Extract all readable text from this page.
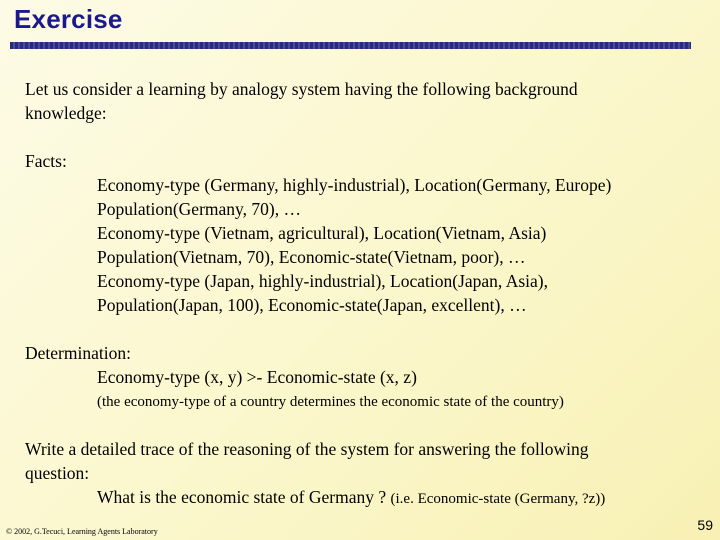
Exercise
Let us consider a learning by analogy system having the following background
knowledge:
Facts:
Economy-type (Germany, highly-industrial), Location(Germany, Europe)
Population(Germany, 70), …
Economy-type (Vietnam, agricultural), Location(Vietnam, Asia)
Population(Vietnam, 70), Economic-state(Vietnam, poor), …
Economy-type (Japan, highly-industrial), Location(Japan, Asia),
Population(Japan, 100), Economic-state(Japan, excellent), …
Determination:
Economy-type (x, y) >- Economic-state (x, z)
(the economy-type of a country determines the economic state of the country)
Write a detailed trace of the reasoning of the system for answering the following
question:
What is the economic state of Germany ? (i.e. Economic-state (Germany, ?z))
© 2002, G.Tecuci, Learning Agents Laboratory	59
